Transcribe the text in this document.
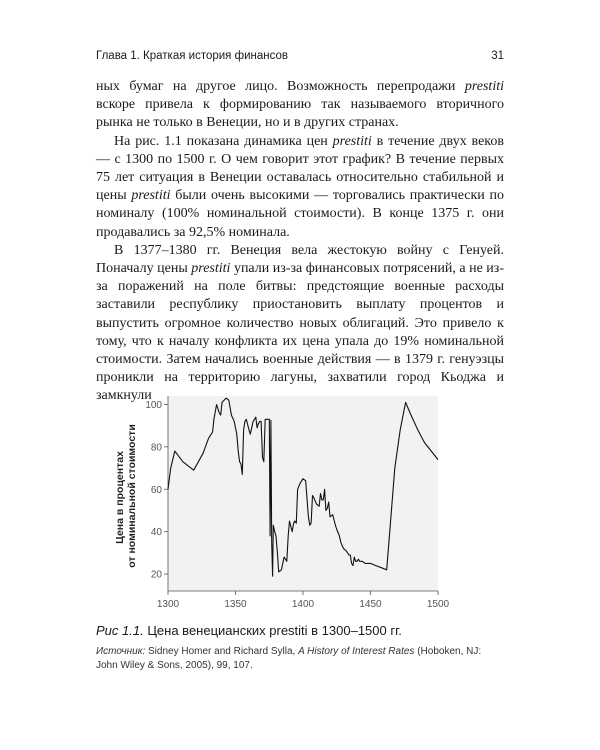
Глава 1. Краткая история финансов	31

ных бумаг на другое лицо. Возможность перепродажи prestiti вскоре привела к формированию так называемого вторичного рынка не только в Венеции, но и в других странах.

На рис. 1.1 показана динамика цен prestiti в течение двух веков — с 1300 по 1500 г. О чем говорит этот график? В течение первых 75 лет ситуация в Венеции оставалась относительно стабильной и цены prestiti были очень высокими — торговались практически по номиналу (100% номинальной стоимости). В конце 1375 г. они продавались за 92,5% номинала.

В 1377–1380 гг. Венеция вела жестокую войну с Генуей. Поначалу цены prestiti упали из-за финансовых потрясений, а не из-за поражений на поле битвы: предстоящие военные расходы заставили республику приостановить выплату процентов и выпустить огромное количество новых облигаций. Это привело к тому, что к началу конфликта их цена упала до 19% номинальной стоимости. Затем начались военные действия — в 1379 г. генуэзцы проникли на территорию лагуны, захватили город Кьоджа и замкнули

20
40
60
80
100
1300	1350	1400	1450	1500
Цена в процентах от номинальной стоимости
Рис 1.1. Цена венецианских prestiti в 1300–1500 гг.
Источник: Sidney Homer and Richard Sylla, A History of Interest Rates (Hoboken, NJ: John Wiley & Sons, 2005), 99, 107.
